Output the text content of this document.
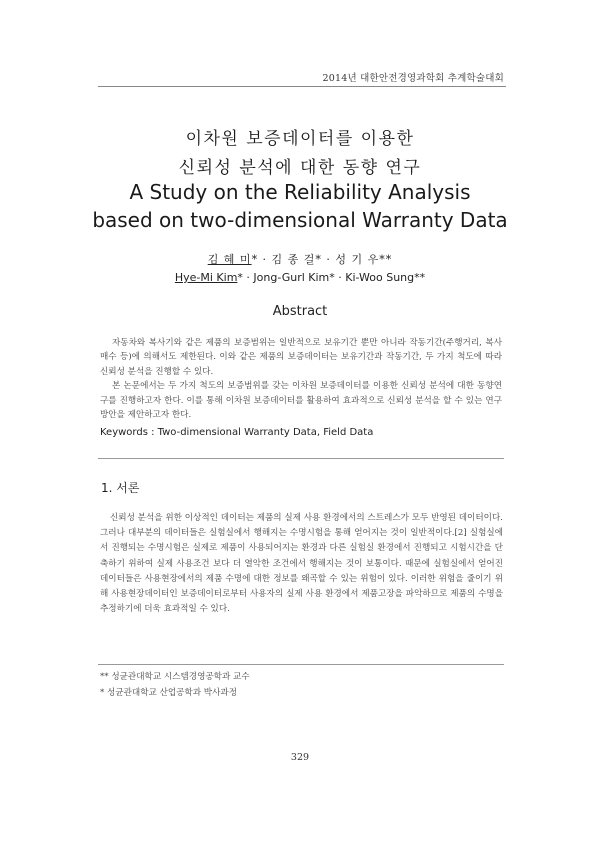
2014년 대한안전경영과학회 추계학술대회
이차원 보증데이터를 이용한
신뢰성 분석에 대한 동향 연구
A Study on the Reliability Analysis
based on two-dimensional Warranty Data
김 혜 미* · 김 종 걸* · 성 기 우**
Hye-Mi Kim* · Jong-Gurl Kim* · Ki-Woo Sung**
Abstract

자동차와 복사기와 같은 제품의 보증범위는 일반적으로 보유기간 뿐만 아니라 작동기간(주행거리, 복사매수 등)에 의해서도 제한된다. 이와 같은 제품의 보증데이터는 보유기간과 작동기간, 두 가지 척도에 따라 신뢰성 분석을 진행할 수 있다.

본 논문에서는 두 가지 척도의 보증범위를 갖는 이차원 보증데이터를 이용한 신뢰성 분석에 대한 동향연구를 진행하고자 한다. 이를 통해 이차원 보증데이터를 활용하여 효과적으로 신뢰성 분석을 할 수 있는 연구방안을 제안하고자 한다.

Keywords : Two-dimensional Warranty Data, Field Data
1. 서론

신뢰성 분석을 위한 이상적인 데이터는 제품의 실제 사용 환경에서의 스트레스가 모두 반영된 데이터이다. 그러나 대부분의 데이터들은 실험실에서 행해지는 수명시험을 통해 얻어지는 것이 일반적이다.[2] 실험실에서 진행되는 수명시험은 실제로 제품이 사용되어지는 환경과 다른 실험실 환경에서 진행되고 시험시간을 단축하기 위하여 실제 사용조건 보다 더 열악한 조건에서 행해지는 것이 보통이다. 때문에 실험실에서 얻어진 데이터들은 사용현장에서의 제품 수명에 대한 정보를 왜곡할 수 있는 위험이 있다. 이러한 위험을 줄이기 위해 사용현장데이터인 보증데이터로부터 사용자의 실제 사용 환경에서 제품고장을 파악하므로 제품의 수명을 추정하기에 더욱 효과적일 수 있다.

** 성균관대학교 시스템경영공학과 교수
* 성균관대학교 산업공학과 박사과정
329
